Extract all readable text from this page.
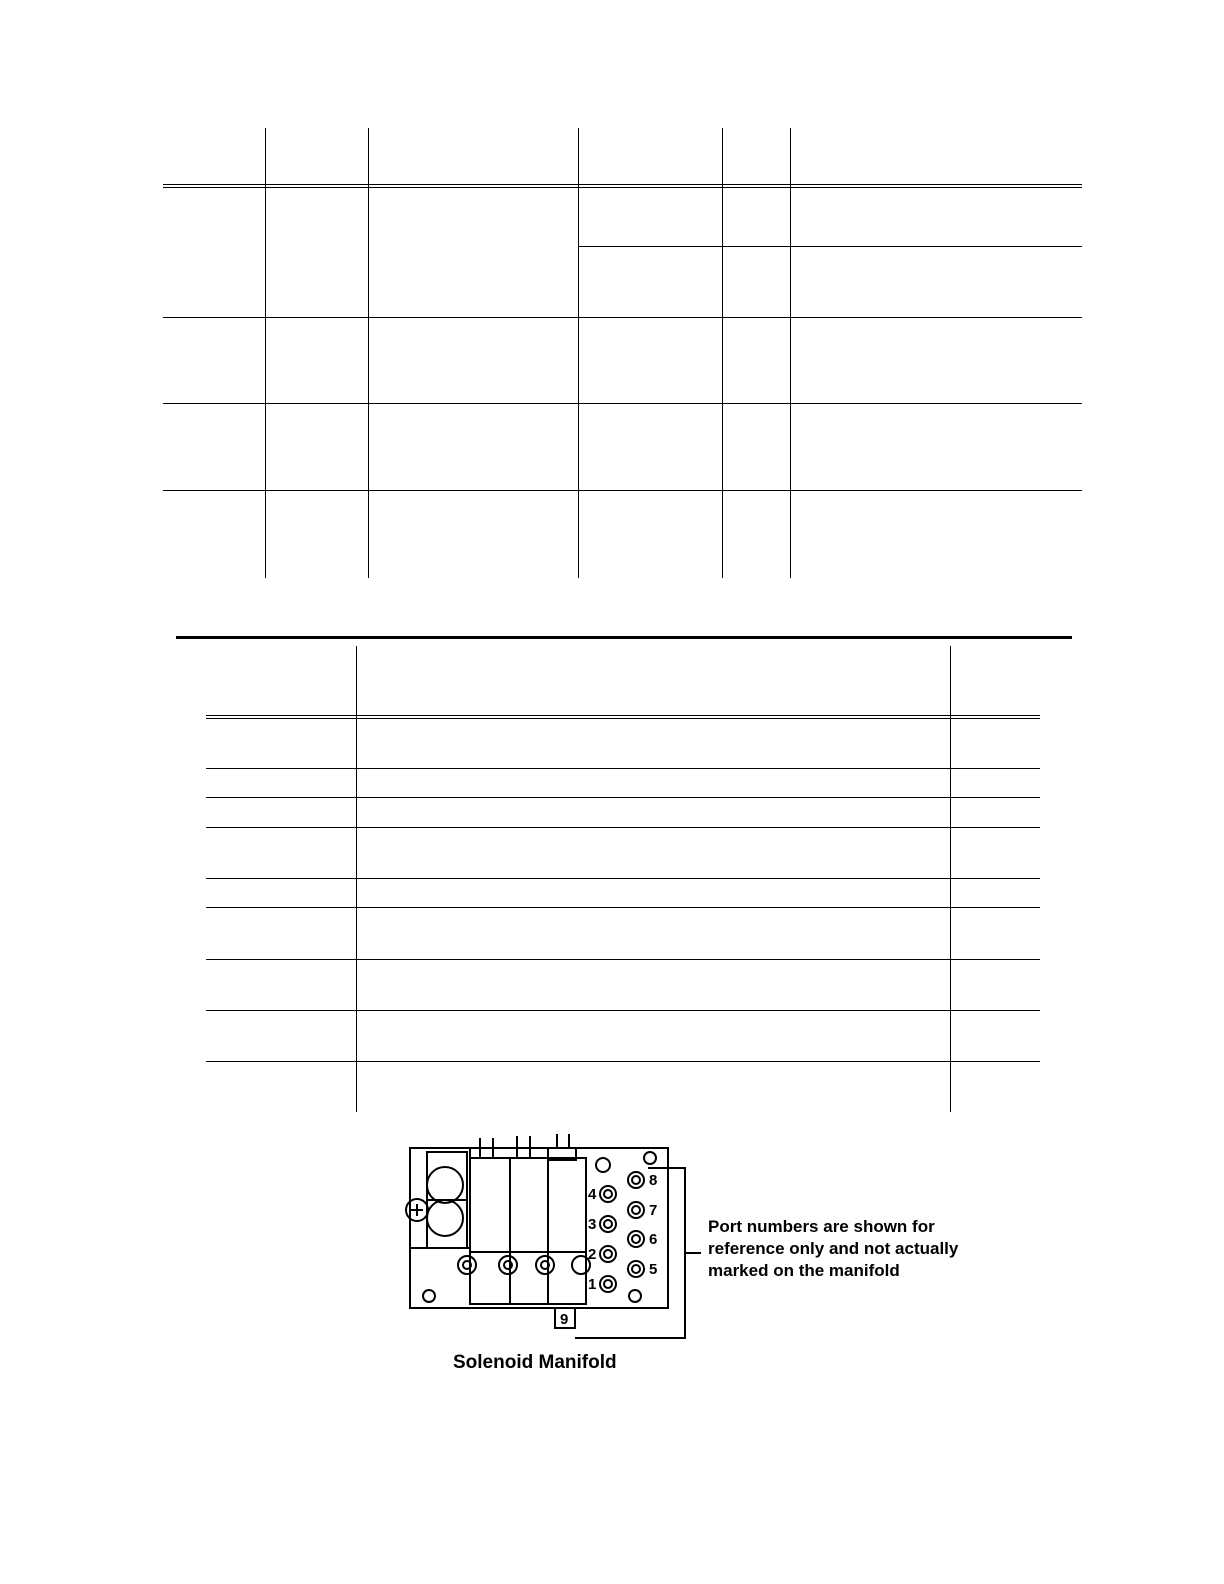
1
2
3
4
5
6
7
8
9
Port numbers are shown for
reference only and not actually
marked on the manifold
Solenoid Manifold
